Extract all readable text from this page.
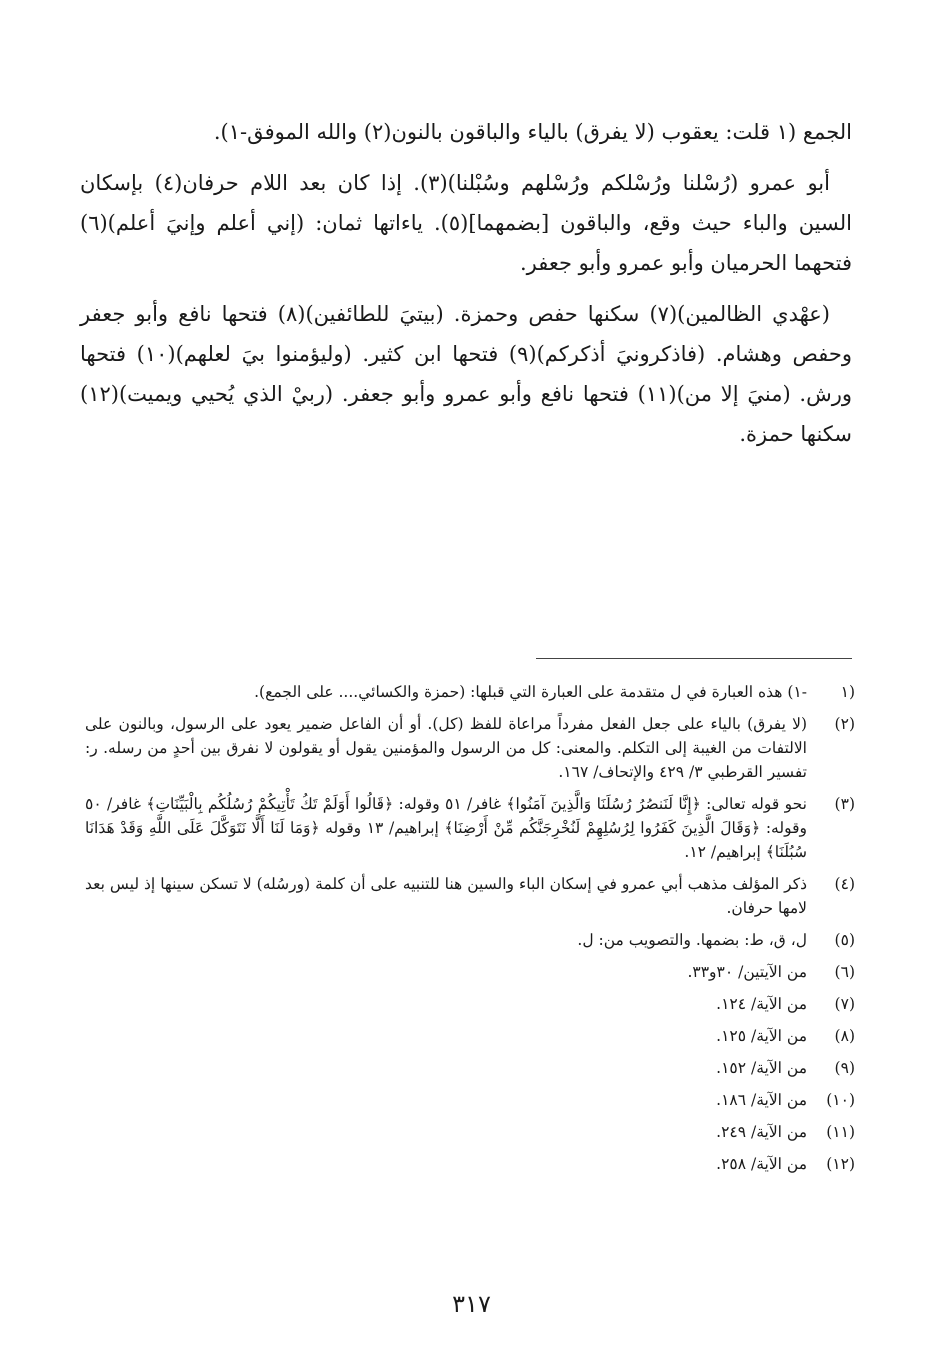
الجمع (١ قلت: يعقوب (لا يفرق) بالياء والباقون بالنون(٢) والله الموفق-١).

أبو عمرو (رُسْلنا ورُسْلكم ورُسْلهم وسُبْلنا)(٣). إذا كان بعد اللام حرفان(٤) بإسكان السين والباء حيث وقع، والباقون [بضمهما](٥). ياءاتها ثمان: (إني أعلم وإنيَ أعلم)(٦) فتحهما الحرميان وأبو عمرو وأبو جعفر.

(عهْدي الظالمين)(٧) سكنها حفص وحمزة. (بيتيَ للطائفين)(٨) فتحها نافع وأبو جعفر وحفص وهشام. (فاذكرونيَ أذكركم)(٩) فتحها ابن كثير. (وليؤمنوا بيَ لعلهم)(١٠) فتحها ورش. (منيَ إلا من)(١١) فتحها نافع وأبو عمرو وأبو جعفر. (ربيْ الذي يُحيي ويميت)(١٢) سكنها حمزة.

(١
-١) هذه العبارة في ل متقدمة على العبارة التي قبلها: (حمزة والكسائي.... على الجمع).
(٢)
(لا يفرق) بالياء على جعل الفعل مفرداً مراعاة للفظ (كل). أو أن الفاعل ضمير يعود على الرسول، وبالنون على الالتفات من الغيبة إلى التكلم. والمعنى: كل من الرسول والمؤمنين يقول أو يقولون لا نفرق بين أحدٍ من رسله. ر: تفسير القرطبي ٣/ ٤٢٩ والإتحاف/ ١٦٧.
(٣)
نحو قوله تعالى: ﴿إِنَّا لَنَنصُرُ رُسُلَنَا وَالَّذِينَ آمَنُوا﴾ غافر/ ٥١ وقوله: ﴿قَالُوا أَوَلَمْ تَكُ تَأْتِيكُمْ رُسُلُكُم بِالْبَيِّنَاتِ﴾ غافر/ ٥٠ وقوله: ﴿وَقَالَ الَّذِينَ كَفَرُوا لِرُسُلِهِمْ لَنُخْرِجَنَّكُم مِّنْ أَرْضِنَا﴾ إبراهيم/ ١٣ وقوله ﴿وَمَا لَنَا أَلَّا نَتَوَكَّلَ عَلَى اللَّهِ وَقَدْ هَدَانَا سُبُلَنَا﴾ إبراهيم/ ١٢.
(٤)
ذكر المؤلف مذهب أبي عمرو في إسكان الباء والسين هنا للتنبيه على أن كلمة (ورسُله) لا تسكن سينها إذ ليس بعد لامها حرفان.
(٥)
ل، ق، ط: بضمها. والتصويب من: ل.
(٦)
من الآيتين/ ٣٠و٣٣.
(٧)
من الآية/ ١٢٤.
(٨)
من الآية/ ١٢٥.
(٩)
من الآية/ ١٥٢.
(١٠)
من الآية/ ١٨٦.
(١١)
من الآية/ ٢٤٩.
(١٢)
من الآية/ ٢٥٨.
٣١٧
